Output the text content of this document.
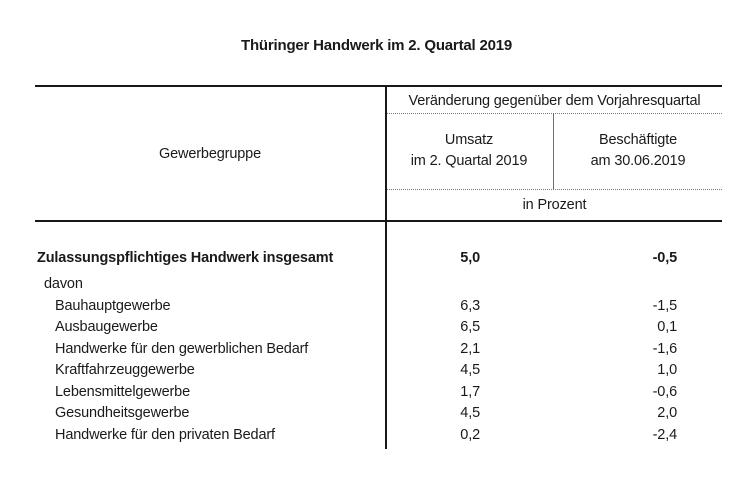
Thüringer Handwerk im 2. Quartal 2019
Gewerbegruppe
Veränderung gegenüber dem Vorjahresquartal
Umsatz
im 2. Quartal 2019
Beschäftigte
am 30.06.2019
in Prozent
Zulassungspflichtiges Handwerk insgesamt	5,0	-0,5
davon
Bauhauptgewerbe	6,3	-1,5
Ausbaugewerbe	6,5	0,1
Handwerke für den gewerblichen Bedarf	2,1	-1,6
Kraftfahrzeuggewerbe	4,5	1,0
Lebensmittelgewerbe	1,7	-0,6
Gesundheitsgewerbe	4,5	2,0
Handwerke für den privaten Bedarf	0,2	-2,4
